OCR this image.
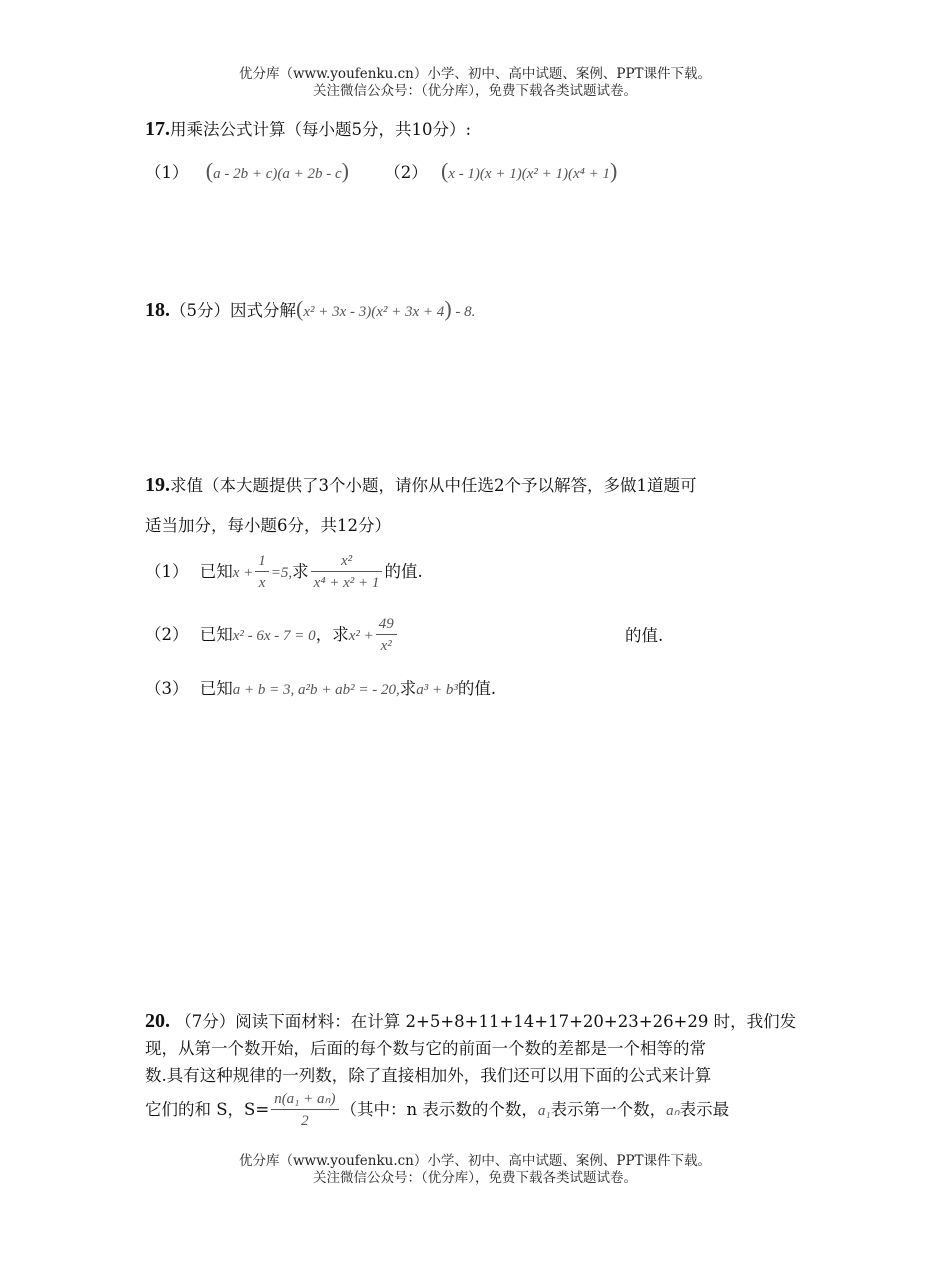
优分库（www.youfenku.cn）小学、初中、高中试题、案例、PPT课件下载。
关注微信公众号：（优分库），免费下载各类试题试卷。
17.用乘法公式计算（每小题5分，共10分）:
（1） (a - 2b + c)(a + 2b - c) （2） (x - 1)(x + 1)(x² + 1)(x⁴ + 1)
18.（5分）因式分解(x² + 3x - 3)(x² + 3x + 4) - 8.
19.求值（本大题提供了3个小题，请你从中任选2个予以解答，多做1道题可
适当加分，每小题6分，共12分）
（1） 已知$x + \frac{1}{x} =5$,求 $\frac{\text{x²}}{\text{x⁴ + x² + 1}}$ 的值.
（2） 已知x² - 6x - 7 = 0，求$x^2 + \frac{49}{\text{x²}}$	的值.
（3） 已知a + b = 3, a²b + ab² = - 20,求a³ + b³的值.
20. （7分）阅读下面材料：在计算 2+5+8+11+14+17+20+23+26+29 时，我们发
现，从第一个数开始，后面的每个数与它的前面一个数的差都是一个相等的常
数.具有这种规律的一列数，除了直接相加外，我们还可以用下面的公式来计算
它们的和 S，$S= \frac{\text{n(a₁ + aₙ)}}{2}$ （其中：n 表示数的个数，a₁表示第一个数，aₙ表示最
优分库（www.youfenku.cn）小学、初中、高中试题、案例、PPT课件下载。
关注微信公众号：（优分库），免费下载各类试题试卷。
